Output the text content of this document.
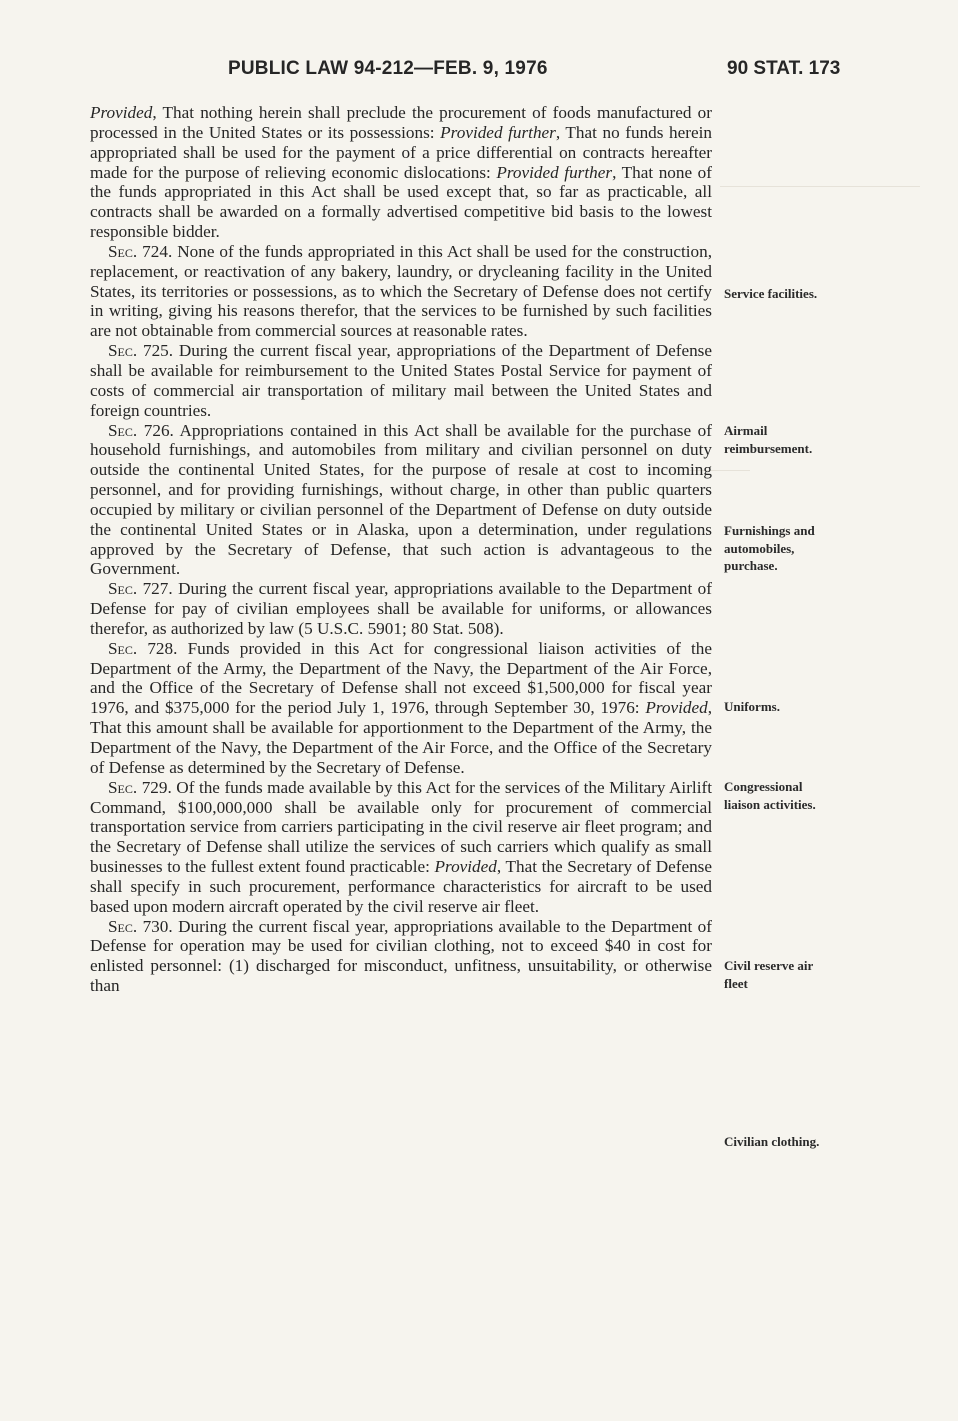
PUBLIC LAW 94-212—FEB. 9, 1976	90 STAT. 173

Provided, That nothing herein shall preclude the procurement of foods manufactured or processed in the United States or its possessions: Provided further, That no funds herein appropriated shall be used for the payment of a price differential on contracts hereafter made for the purpose of relieving economic dislocations: Provided further, That none of the funds appropriated in this Act shall be used except that, so far as practicable, all contracts shall be awarded on a formally advertised competitive bid basis to the lowest responsible bidder.

Sec. 724. None of the funds appropriated in this Act shall be used for the construction, replacement, or reactivation of any bakery, laundry, or drycleaning facility in the United States, its territories or possessions, as to which the Secretary of Defense does not certify in writing, giving his reasons therefor, that the services to be furnished by such facilities are not obtainable from commercial sources at reasonable rates.

Sec. 725. During the current fiscal year, appropriations of the Department of Defense shall be available for reimbursement to the United States Postal Service for payment of costs of commercial air transportation of military mail between the United States and foreign countries.

Sec. 726. Appropriations contained in this Act shall be available for the purchase of household furnishings, and automobiles from military and civilian personnel on duty outside the continental United States, for the purpose of resale at cost to incoming personnel, and for providing furnishings, without charge, in other than public quarters occupied by military or civilian personnel of the Department of Defense on duty outside the continental United States or in Alaska, upon a determination, under regulations approved by the Secretary of Defense, that such action is advantageous to the Government.

Sec. 727. During the current fiscal year, appropriations available to the Department of Defense for pay of civilian employees shall be available for uniforms, or allowances therefor, as authorized by law (5 U.S.C. 5901; 80 Stat. 508).

Sec. 728. Funds provided in this Act for congressional liaison activities of the Department of the Army, the Department of the Navy, the Department of the Air Force, and the Office of the Secretary of Defense shall not exceed $1,500,000 for fiscal year 1976, and $375,000 for the period July 1, 1976, through September 30, 1976: Provided, That this amount shall be available for apportionment to the Department of the Army, the Department of the Navy, the Department of the Air Force, and the Office of the Secretary of Defense as determined by the Secretary of Defense.

Sec. 729. Of the funds made available by this Act for the services of the Military Airlift Command, $100,000,000 shall be available only for procurement of commercial transportation service from carriers participating in the civil reserve air fleet program; and the Secretary of Defense shall utilize the services of such carriers which qualify as small businesses to the fullest extent found practicable: Provided, That the Secretary of Defense shall specify in such procurement, performance characteristics for aircraft to be used based upon modern aircraft operated by the civil reserve air fleet.

Sec. 730. During the current fiscal year, appropriations available to the Department of Defense for operation may be used for civilian clothing, not to exceed $40 in cost for enlisted personnel: (1) discharged for misconduct, unfitness, unsuitability, or otherwise than

Service facilities.
Airmail
reimbursement.
Furnishings and
automobiles,
purchase.
Uniforms.
Congressional
liaison activities.
Civil reserve air
fleet
Civilian clothing.
